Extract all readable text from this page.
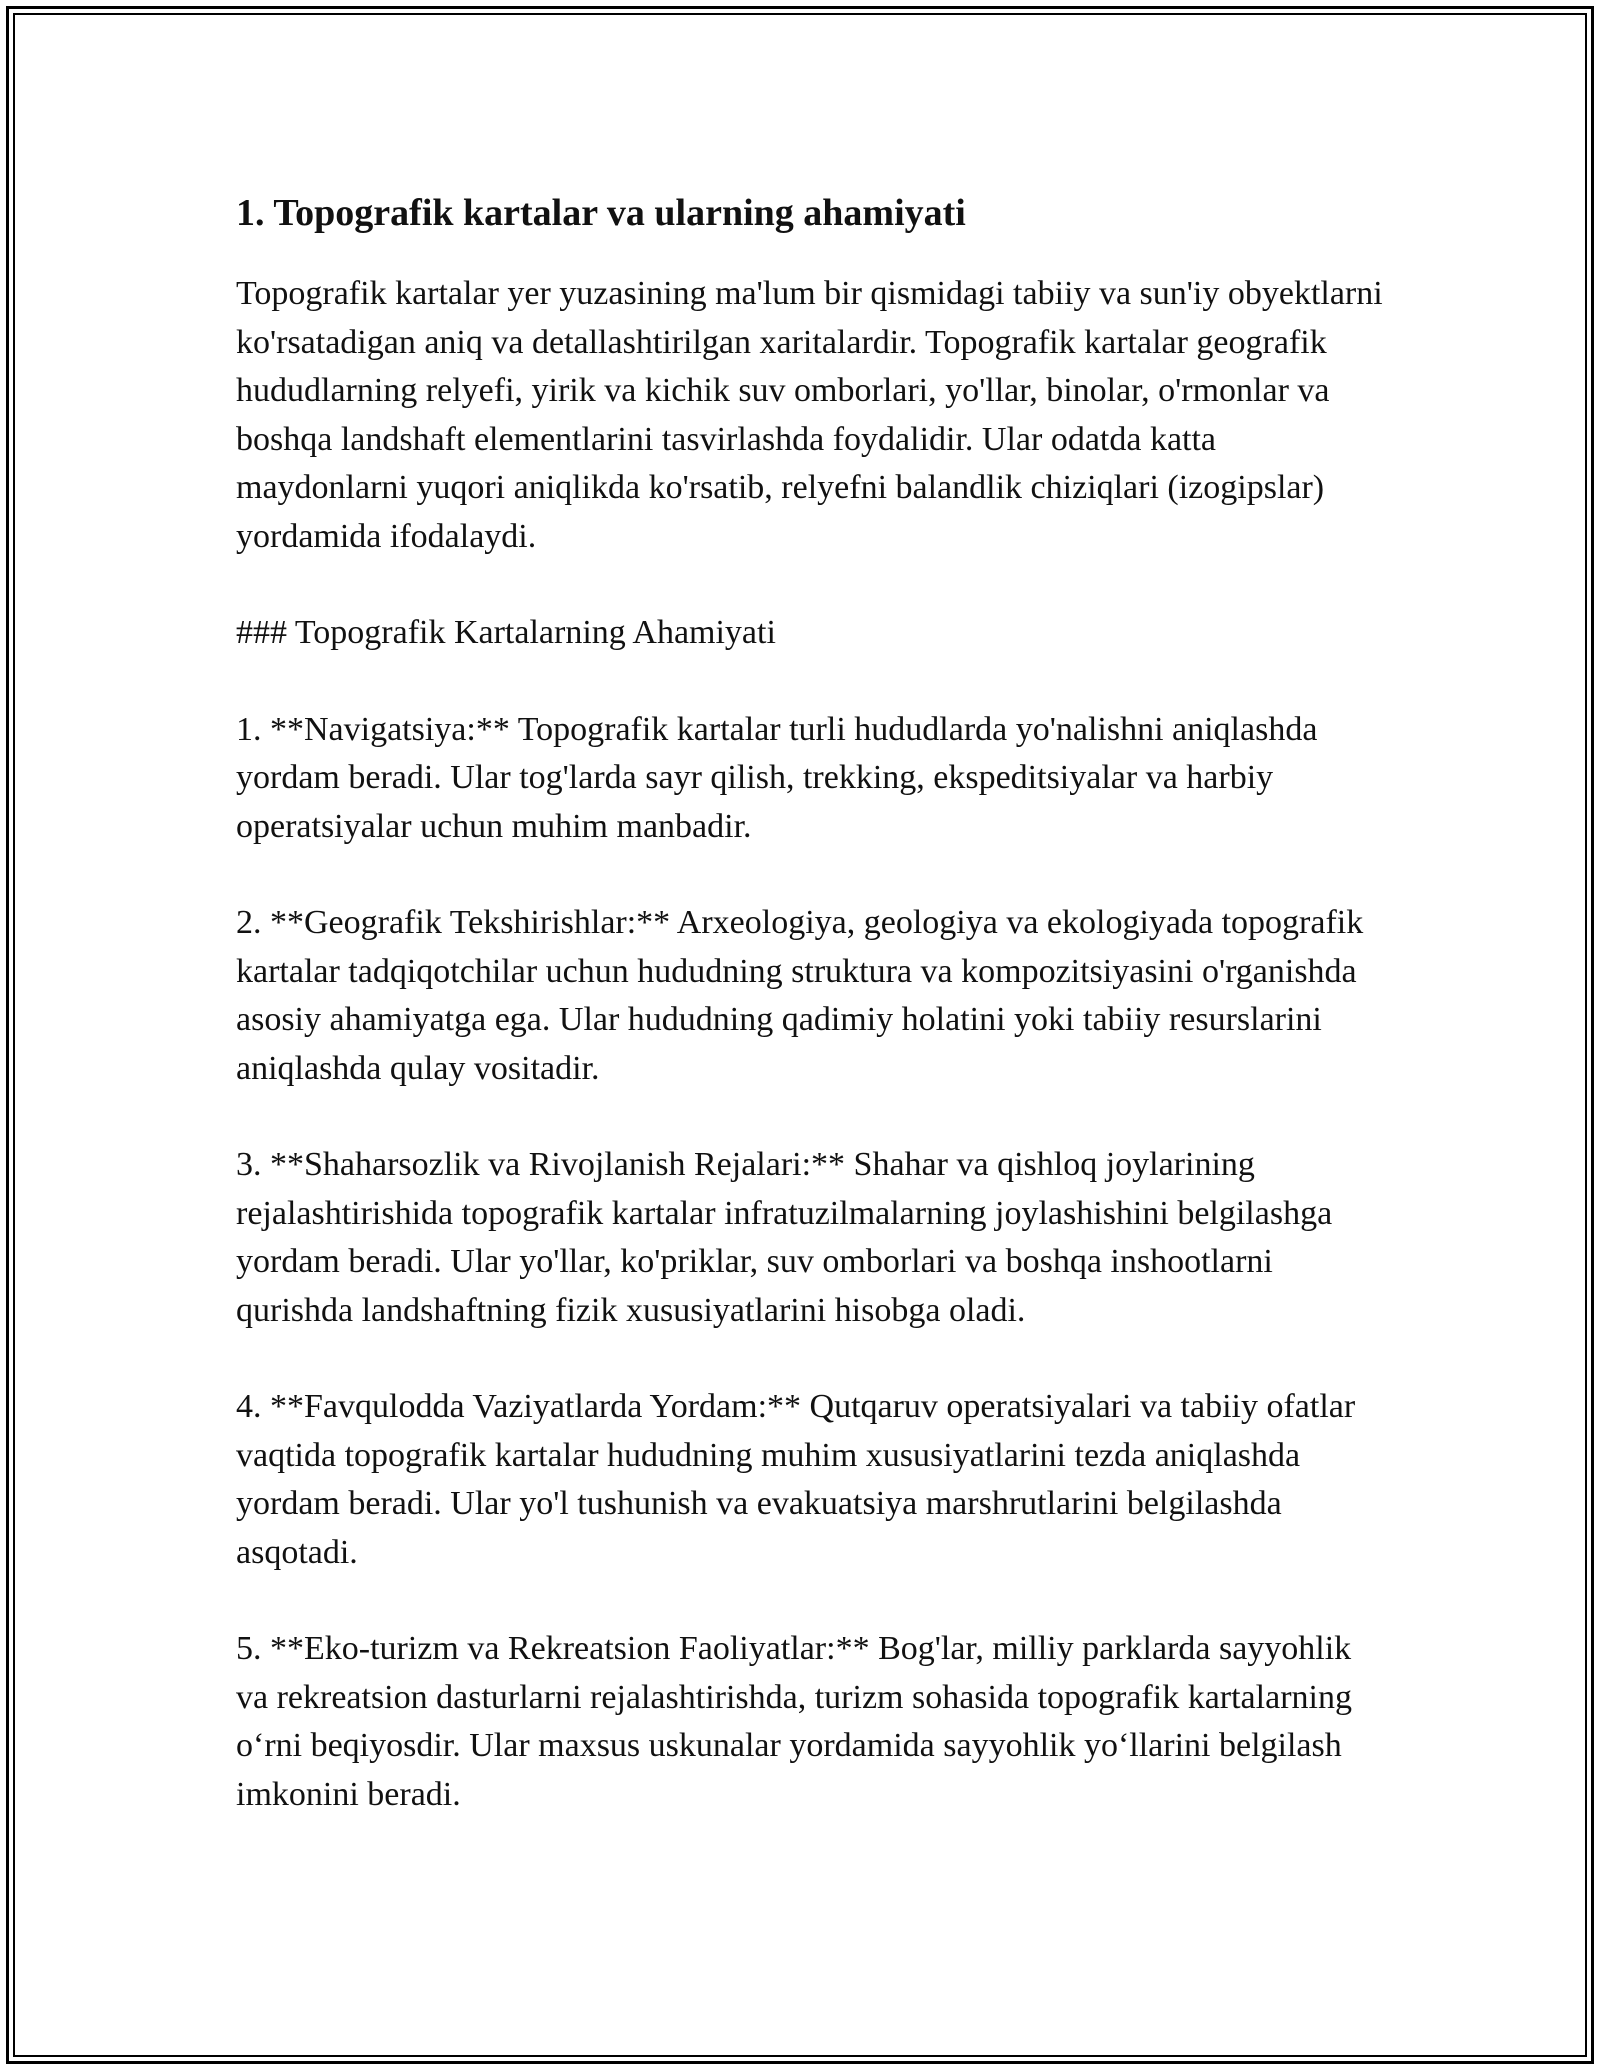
1. Topografik kartalar va ularning ahamiyati

Topografik kartalar yer yuzasining ma'lum bir qismidagi tabiiy va sun'iy obyektlarni ko'rsatadigan aniq va detallashtirilgan xaritalardir. Topografik kartalar geografik hududlarning relyefi, yirik va kichik suv omborlari, yo'llar, binolar, o'rmonlar va boshqa landshaft elementlarini tasvirlashda foydalidir. Ular odatda katta maydonlarni yuqori aniqlikda ko'rsatib, relyefni balandlik chiziqlari (izogipslar) yordamida ifodalaydi.

### Topografik Kartalarning Ahamiyati

1. **Navigatsiya:** Topografik kartalar turli hududlarda yo'nalishni aniqlashda yordam beradi. Ular tog'larda sayr qilish, trekking, ekspeditsiyalar va harbiy operatsiyalar uchun muhim manbadir.

2. **Geografik Tekshirishlar:** Arxeologiya, geologiya va ekologiyada topografik kartalar tadqiqotchilar uchun hududning struktura va kompozitsiyasini o'rganishda asosiy ahamiyatga ega. Ular hududning qadimiy holatini yoki tabiiy resurslarini aniqlashda qulay vositadir.

3. **Shaharsozlik va Rivojlanish Rejalari:** Shahar va qishloq joylarining rejalashtirishida topografik kartalar infratuzilmalarning joylashishini belgilashga yordam beradi. Ular yo'llar, ko'priklar, suv omborlari va boshqa inshootlarni qurishda landshaftning fizik xususiyatlarini hisobga oladi.

4. **Favqulodda Vaziyatlarda Yordam:** Qutqaruv operatsiyalari va tabiiy ofatlar vaqtida topografik kartalar hududning muhim xususiyatlarini tezda aniqlashda yordam beradi. Ular yo'l tushunish va evakuatsiya marshrutlarini belgilashda asqotadi.

5. **Eko-turizm va Rekreatsion Faoliyatlar:** Bog'lar, milliy parklarda sayyohlik va rekreatsion dasturlarni rejalashtirishda, turizm sohasida topografik kartalarning o‘rni beqiyosdir. Ular maxsus uskunalar yordamida sayyohlik yo‘llarini belgilash imkonini beradi.
